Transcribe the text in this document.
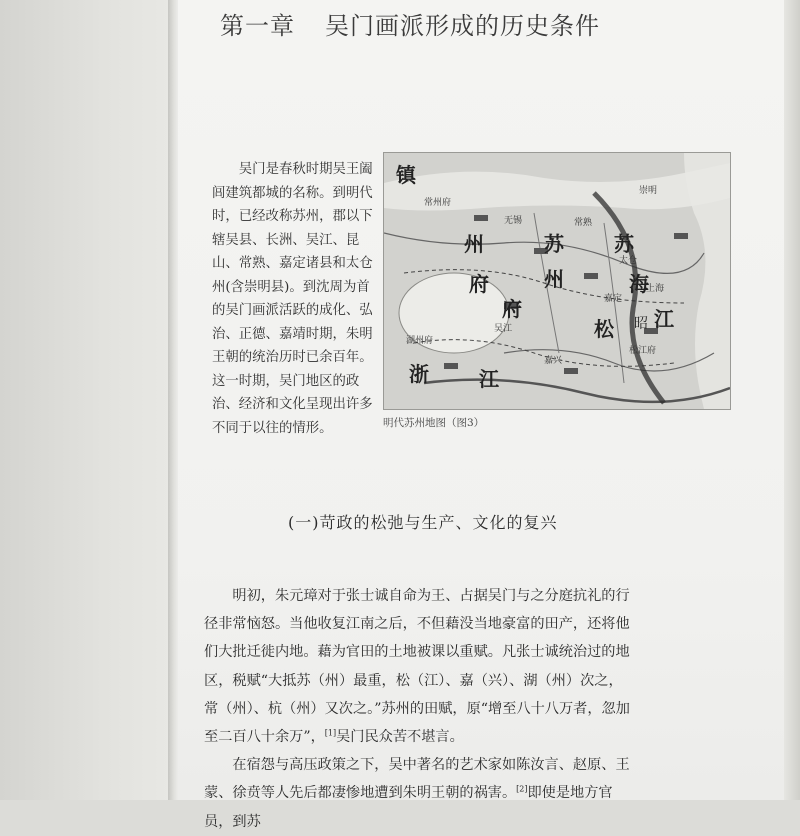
第一章 吴门画派形成的历史条件

吴门是春秋时期吴王阖闾建筑都城的名称。到明代时，已经改称苏州，郡以下辖吴县、长洲、吴江、昆山、常熟、嘉定诸县和太仓州(含崇明县)。到沈周为首的吴门画派活跃的成化、弘治、正德、嘉靖时期，朱明王朝的统治历时已余百年。这一时期，吴门地区的政治、经济和文化呈现出许多不同于以往的情形。

镇
苏
州
府
苏
州
府
松 江
海
浙	江
昭
上海
吴江
常熟
太仓
嘉定
无锡
湖州府
嘉兴
常州府
松江府
崇明
明代苏州地图（图3）
(一)苛政的松弛与生产、文化的复兴

明初，朱元璋对于张士诚自命为王、占据吴门与之分庭抗礼的行径非常恼怒。当他收复江南之后，不但藉没当地豪富的田产，还将他们大批迁徙内地。藉为官田的土地被课以重赋。凡张士诚统治过的地区，税赋“大抵苏（州）最重，松（江）、嘉（兴）、湖（州）次之，常（州）、杭（州）又次之。”苏州的田赋，原“增至八十八万者，忽加至二百八十余万”，[1]吴门民众苦不堪言。

在宿怨与高压政策之下，吴中著名的艺术家如陈汝言、赵原、王蒙、徐贲等人先后都凄惨地遭到朱明王朝的祸害。[2]即使是地方官员，到苏
